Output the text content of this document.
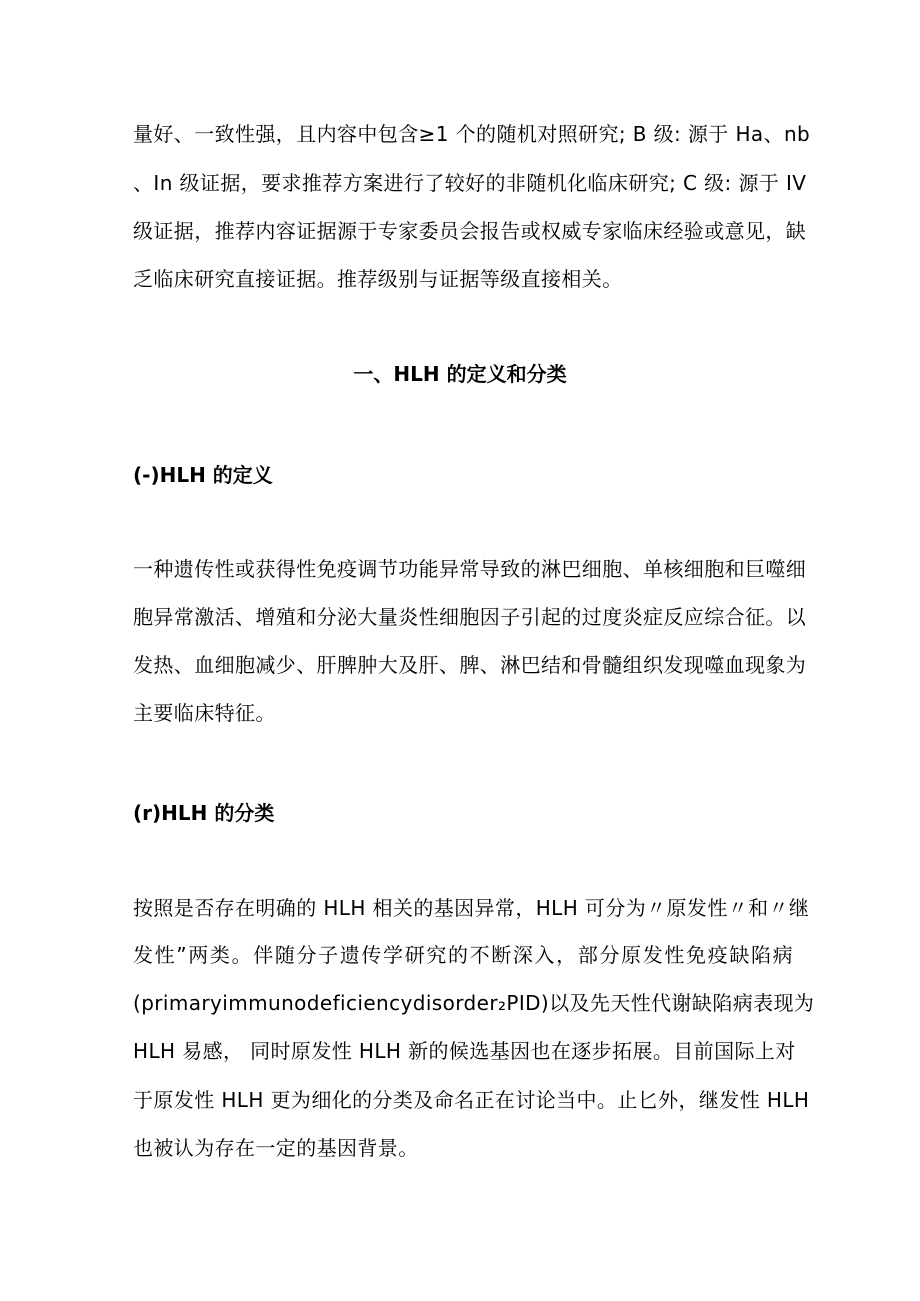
量好、一致性强，且内容中包含≥1 个的随机对照研究; B 级: 源于 Ha、nb
、In 级证据，要求推荐方案进行了较好的非随机化临床研究; C 级: 源于 IV
级证据，推荐内容证据源于专家委员会报告或权威专家临床经验或意见，缺
乏临床研究直接证据。推荐级别与证据等级直接相关。
一、HLH 的定义和分类
(-)HLH 的定义
一种遗传性或获得性免疫调节功能异常导致的淋巴细胞、单核细胞和巨噬细
胞异常激活、增殖和分泌大量炎性细胞因子引起的过度炎症反应综合征。以
发热、血细胞减少、肝脾肿大及肝、脾、淋巴结和骨髓组织发现噬血现象为
主要临床特征。
(r)HLH 的分类
按照是否存在明确的 HLH 相关的基因异常，HLH 可分为〃原发性〃和〃继
发性”两类。伴随分子遗传学研究的不断深入，部分原发性免疫缺陷病
(primaryimmunodeficiencydisorder₂PID)以及先天性代谢缺陷病表现为
HLH 易感， 同时原发性 HLH 新的候选基因也在逐步拓展。目前国际上对
于原发性 HLH 更为细化的分类及命名正在讨论当中。止匕外，继发性 HLH
也被认为存在一定的基因背景。
